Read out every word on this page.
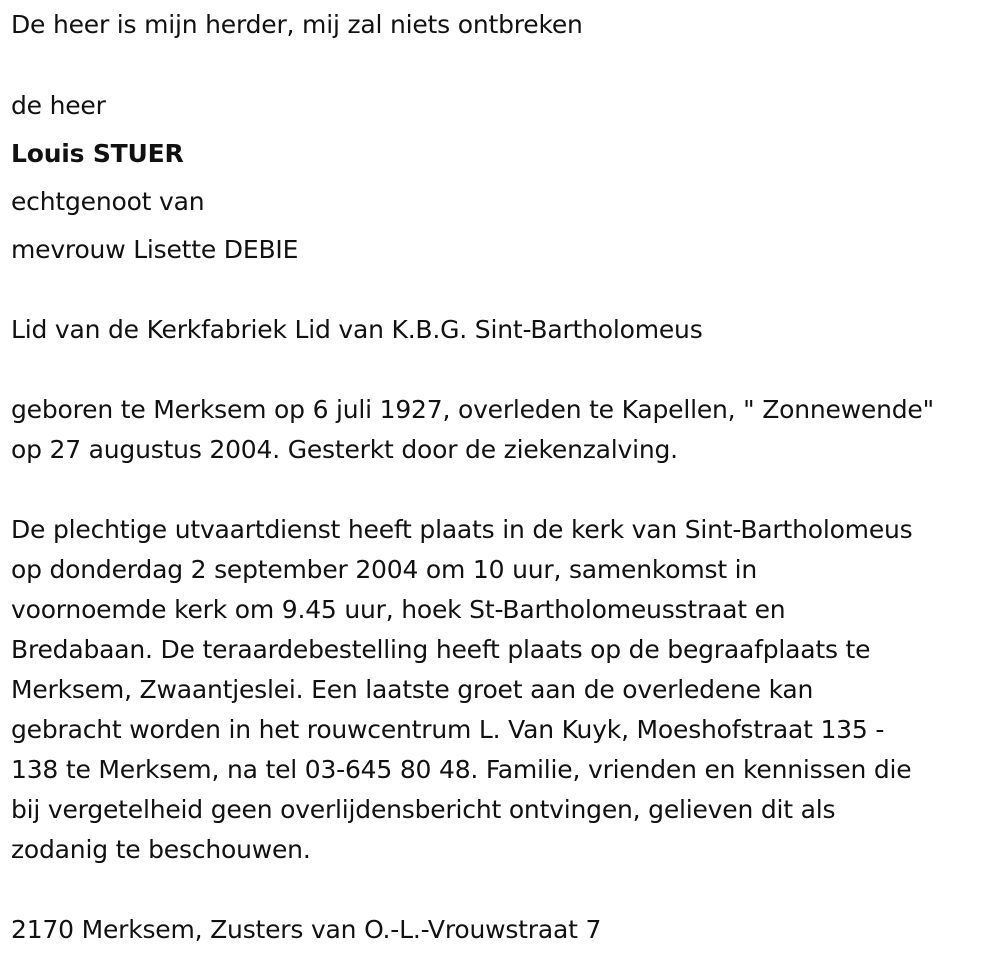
De heer is mijn herder, mij zal niets ontbreken
de heer
Louis STUER
echtgenoot van
mevrouw Lisette DEBIE
Lid van de Kerkfabriek Lid van K.B.G. Sint-Bartholomeus
geboren te Merksem op 6 juli 1927, overleden te Kapellen, " Zonnewende"
op 27 augustus 2004. Gesterkt door de ziekenzalving.
De plechtige utvaartdienst heeft plaats in de kerk van Sint-Bartholomeus
op donderdag 2 september 2004 om 10 uur, samenkomst in
voornoemde kerk om 9.45 uur, hoek St-Bartholomeusstraat en
Bredabaan. De teraardebestelling heeft plaats op de begraafplaats te
Merksem, Zwaantjeslei. Een laatste groet aan de overledene kan
gebracht worden in het rouwcentrum L. Van Kuyk, Moeshofstraat 135 -
138 te Merksem, na tel 03-645 80 48. Familie, vrienden en kennissen die
bij vergetelheid geen overlijdensbericht ontvingen, gelieven dit als
zodanig te beschouwen.
2170 Merksem, Zusters van O.-L.-Vrouwstraat 7
